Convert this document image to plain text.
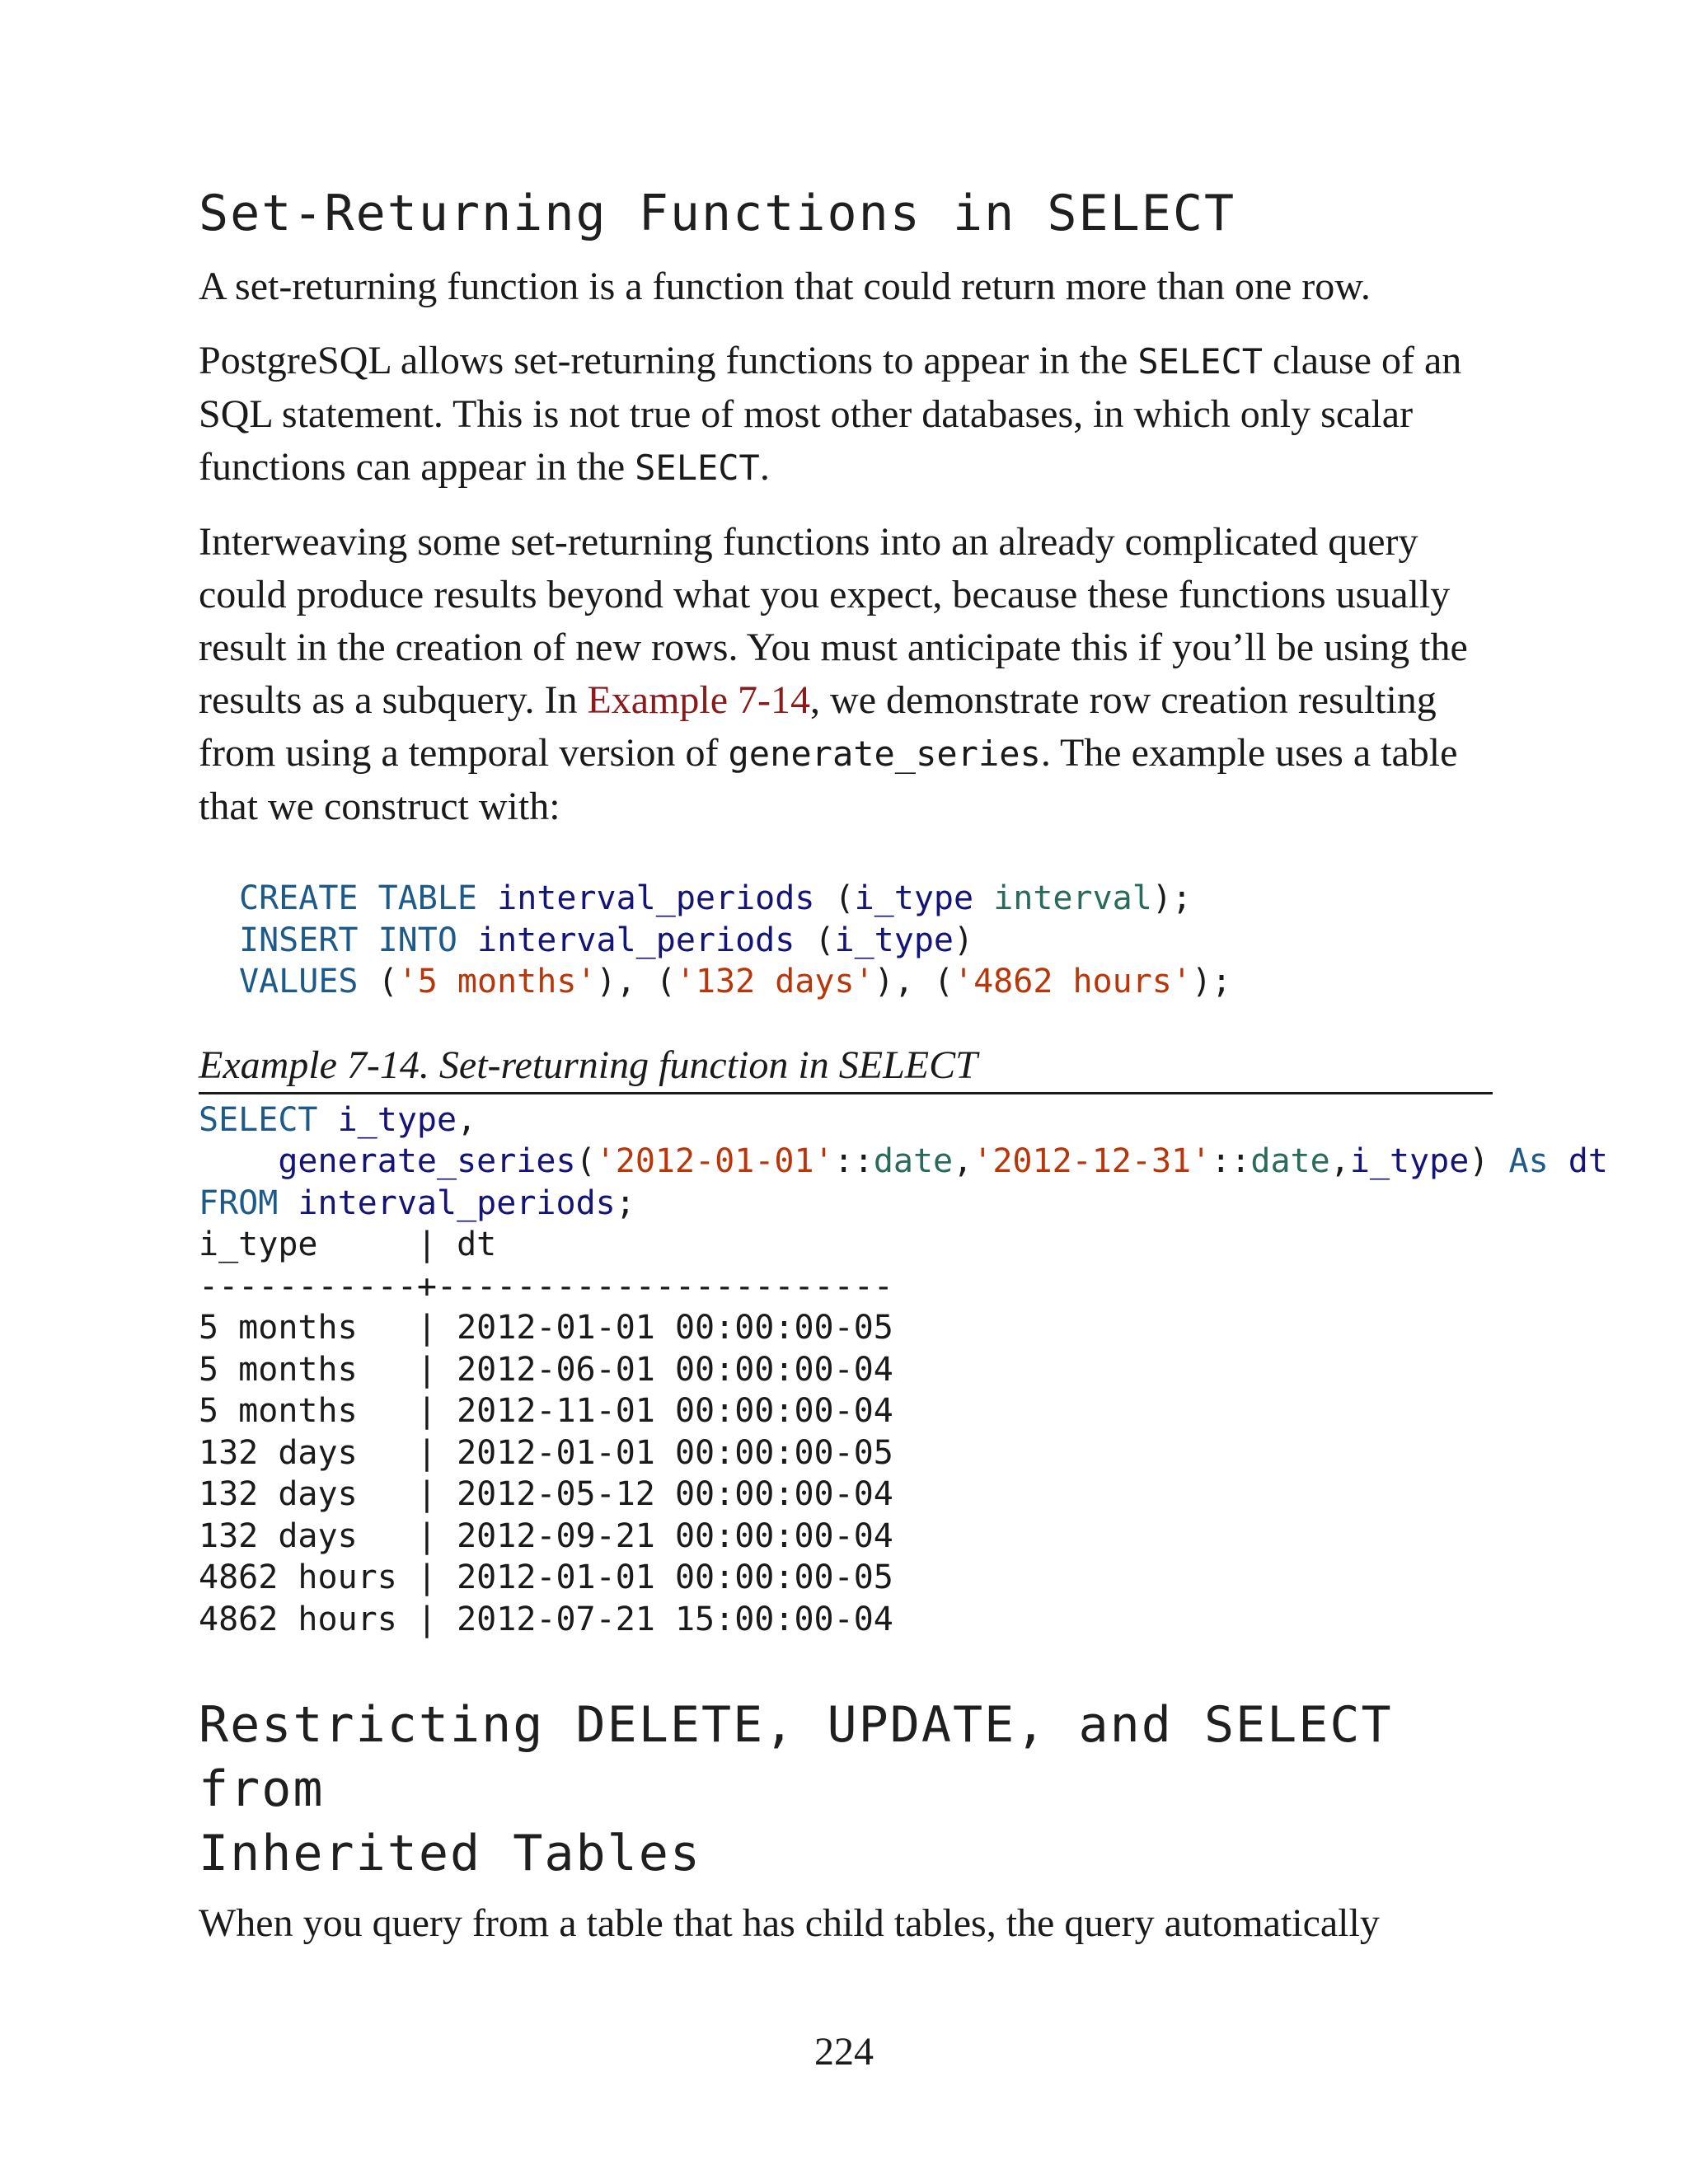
Set-Returning Functions in SELECT

A set-returning function is a function that could return more than one row.

PostgreSQL allows set-returning functions to appear in the SELECT clause of an SQL statement. This is not true of most other databases, in which only scalar functions can appear in the SELECT.

Interweaving some set-returning functions into an already complicated query could produce results beyond what you expect, because these functions usually result in the creation of new rows. You must anticipate this if you’ll be using the results as a subquery. In Example 7-14, we demonstrate row creation resulting from using a temporal version of generate_series. The example uses a table that we construct with:

CREATE TABLE interval_periods (i_type interval);
INSERT INTO interval_periods (i_type)
VALUES ('5 months'), ('132 days'), ('4862 hours');

Example 7-14. Set-returning function in SELECT

SELECT i_type,
generate_series('2012-01-01'::date,'2012-12-31'::date,i_type) As dt
FROM interval_periods;
i_type     | dt
-----------+-----------------------
5 months   | 2012-01-01 00:00:00-05
5 months   | 2012-06-01 00:00:00-04
5 months   | 2012-11-01 00:00:00-04
132 days   | 2012-01-01 00:00:00-05
132 days   | 2012-05-12 00:00:00-04
132 days   | 2012-09-21 00:00:00-04
4862 hours | 2012-01-01 00:00:00-05
4862 hours | 2012-07-21 15:00:00-04
Restricting DELETE, UPDATE, and SELECT from
Inherited Tables

When you query from a table that has child tables, the query automatically

224
